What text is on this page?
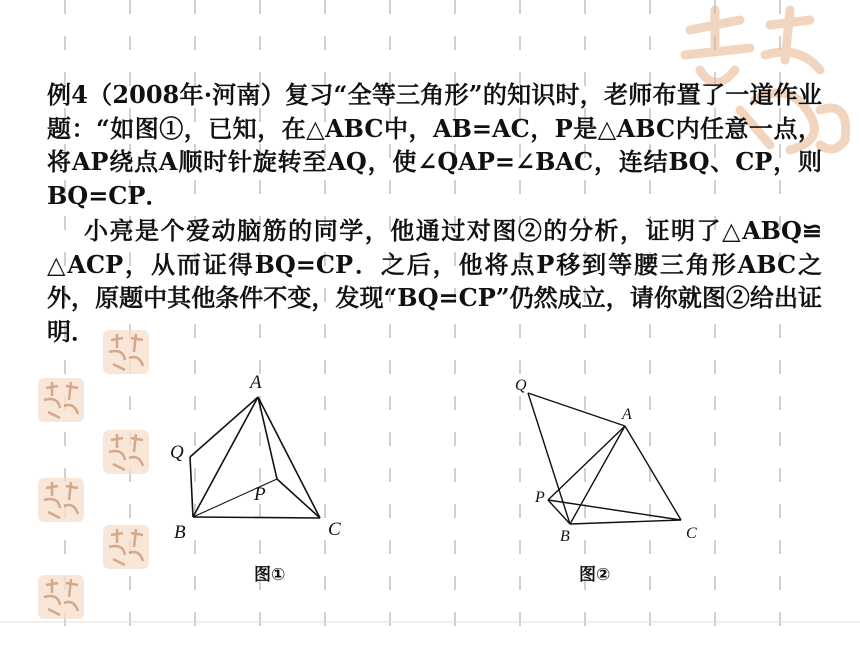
例4（2008年·河南）复习“全等三角形”的知识时，老师布置了一道作业题：“如图①，已知，在△ABC中，AB=AC，P是△ABC内任意一点，将AP绕点A顺时针旋转至AQ，使∠QAP=∠BAC，连结BQ、CP，则BQ=CP．

小亮是个爱动脑筋的同学，他通过对图②的分析，证明了△ABQ≌ △ACP，从而证得BQ=CP．之后，他将点P移到等腰三角形ABC之外，原题中其他条件不变，发现“BQ=CP”仍然成立，请你就图②给出证明．

A
Q
P
B	C
图①
Q
A
P
B	C
图②
